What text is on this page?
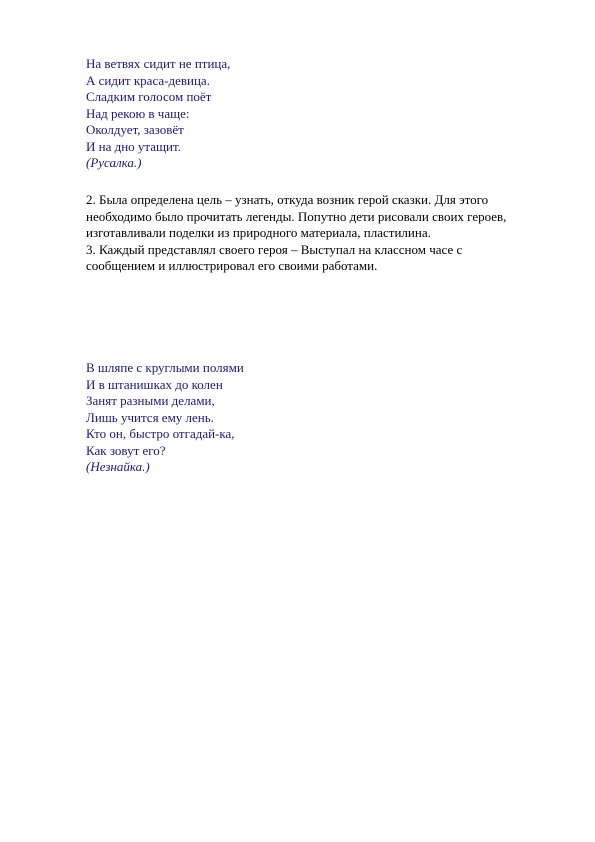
На ветвях сидит не птица,
А сидит краса-девица.
Сладким голосом поёт
Над рекою в чаще:
Околдует, зазовёт
И на дно утащит.
(Русалка.)
2. Была определена цель – узнать, откуда возник герой сказки. Для этого
необходимо было прочитать легенды. Попутно дети рисовали своих героев,
изготавливали поделки из природного материала, пластилина.
3. Каждый представлял своего героя – Выступал на классном часе с
сообщением и иллюстрировал его своими работами.
В шляпе с круглыми полями
И в штанишках до колен
Занят разными делами,
Лишь учится ему лень.
Кто он, быстро отгадай-ка,
Как зовут его?
(Незнайка.)
